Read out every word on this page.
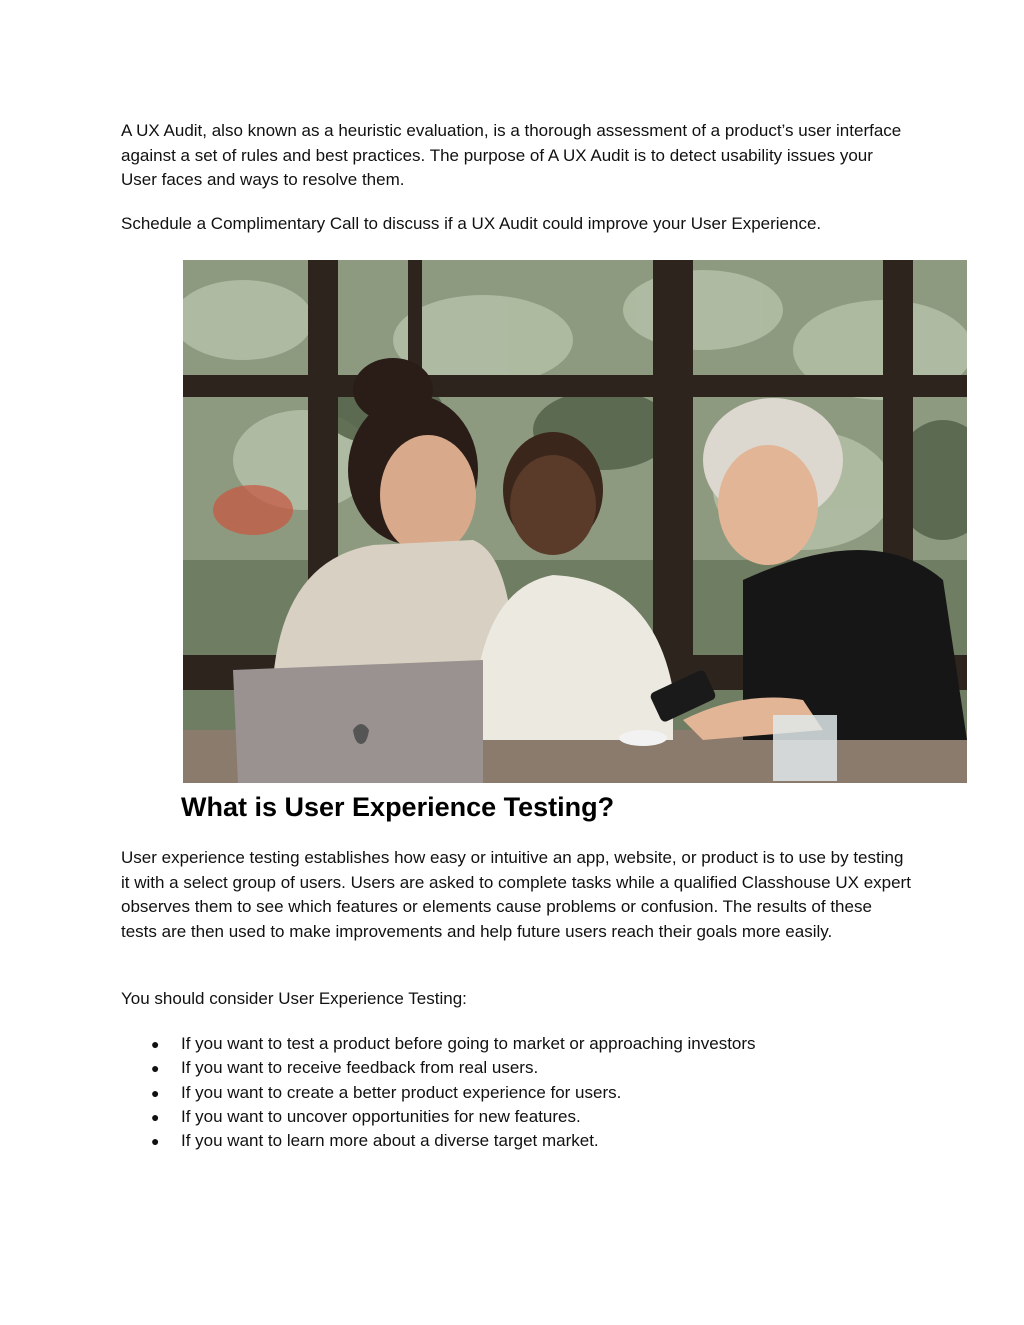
A UX Audit, also known as a heuristic evaluation, is a thorough assessment of a product’s user interface against a set of rules and best practices. The purpose of A UX Audit is to detect usability issues your User faces and ways to resolve them.

Schedule a Complimentary Call to discuss if a UX Audit could improve your User Experience.

What is User Experience Testing?

User experience testing establishes how easy or intuitive an app, website, or product is to use by testing it with a select group of users. Users are asked to complete tasks while a qualified Classhouse UX expert observes them to see which features or elements cause problems or confusion. The results of these tests are then used to make improvements and help future users reach their goals more easily.

You should consider User Experience Testing:

● If you want to test a product before going to market or approaching investors
● If you want to receive feedback from real users.
● If you want to create a better product experience for users.
● If you want to uncover opportunities for new features.
● If you want to learn more about a diverse target market.
